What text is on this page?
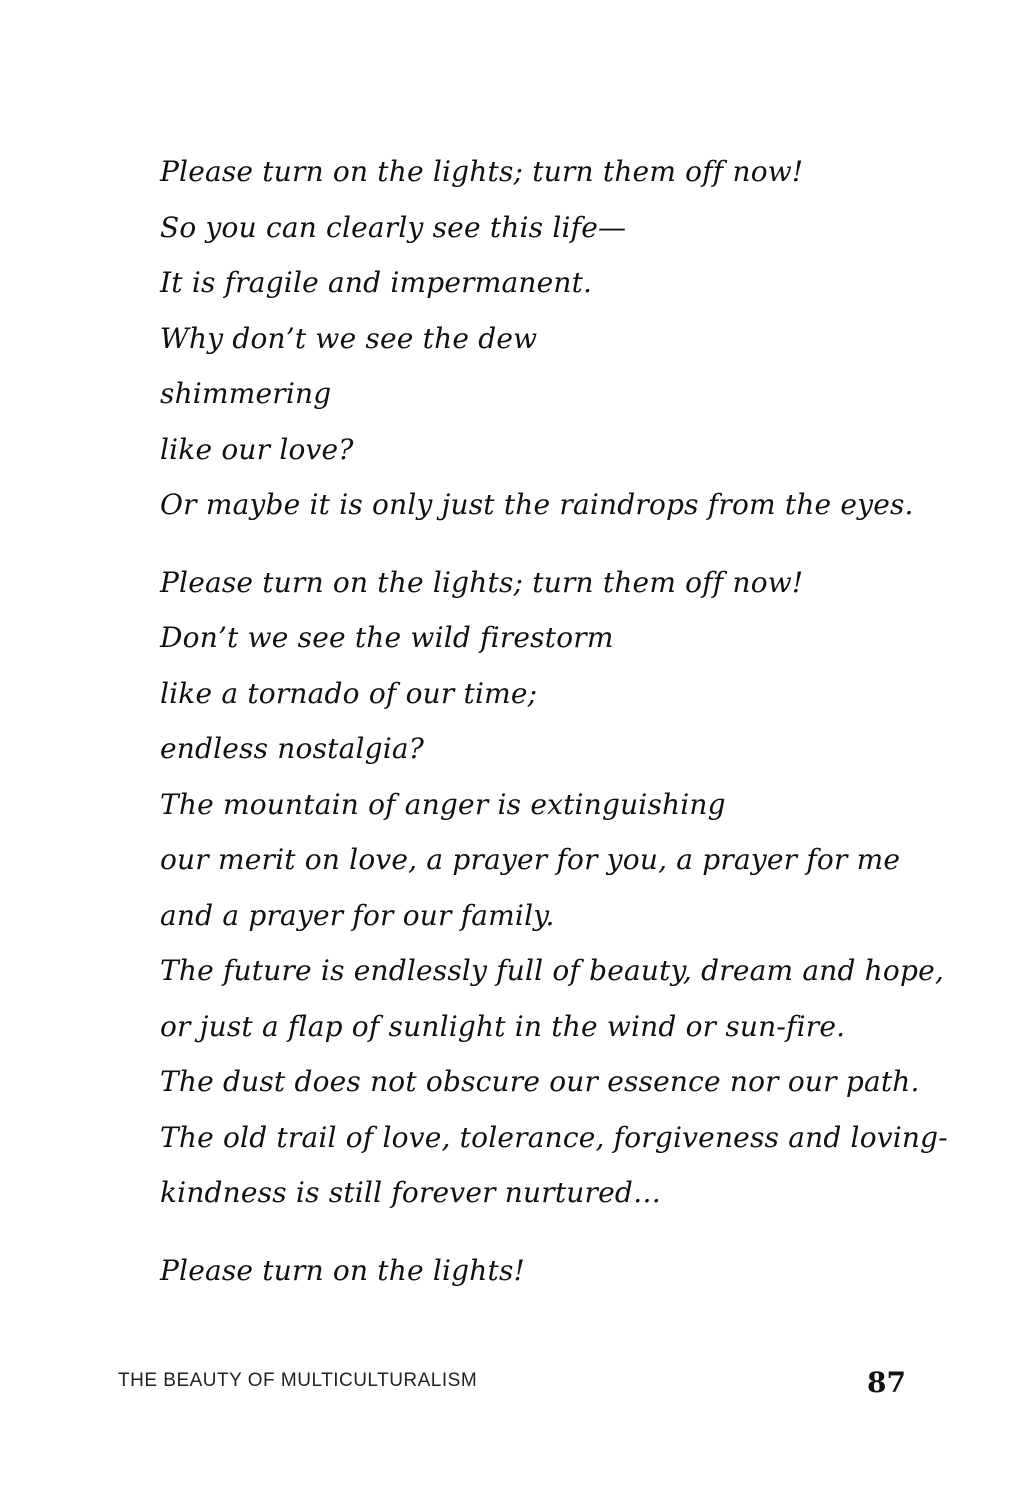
Please turn on the lights; turn them off now!
So you can clearly see this life—
It is fragile and impermanent.
Why don’t we see the dew
shimmering
like our love?
Or maybe it is only just the raindrops from the eyes.
Please turn on the lights; turn them off now!
Don’t we see the wild firestorm
like a tornado of our time;
endless nostalgia?
The mountain of anger is extinguishing
our merit on love, a prayer for you, a prayer for me
and a prayer for our family.
The future is endlessly full of beauty, dream and hope,
or just a flap of sunlight in the wind or sun-fire.
The dust does not obscure our essence nor our path.
The old trail of love, tolerance, forgiveness and loving-
kindness is still forever nurtured…
Please turn on the lights!
THE BEAUTY OF MULTICULTURALISM	87
